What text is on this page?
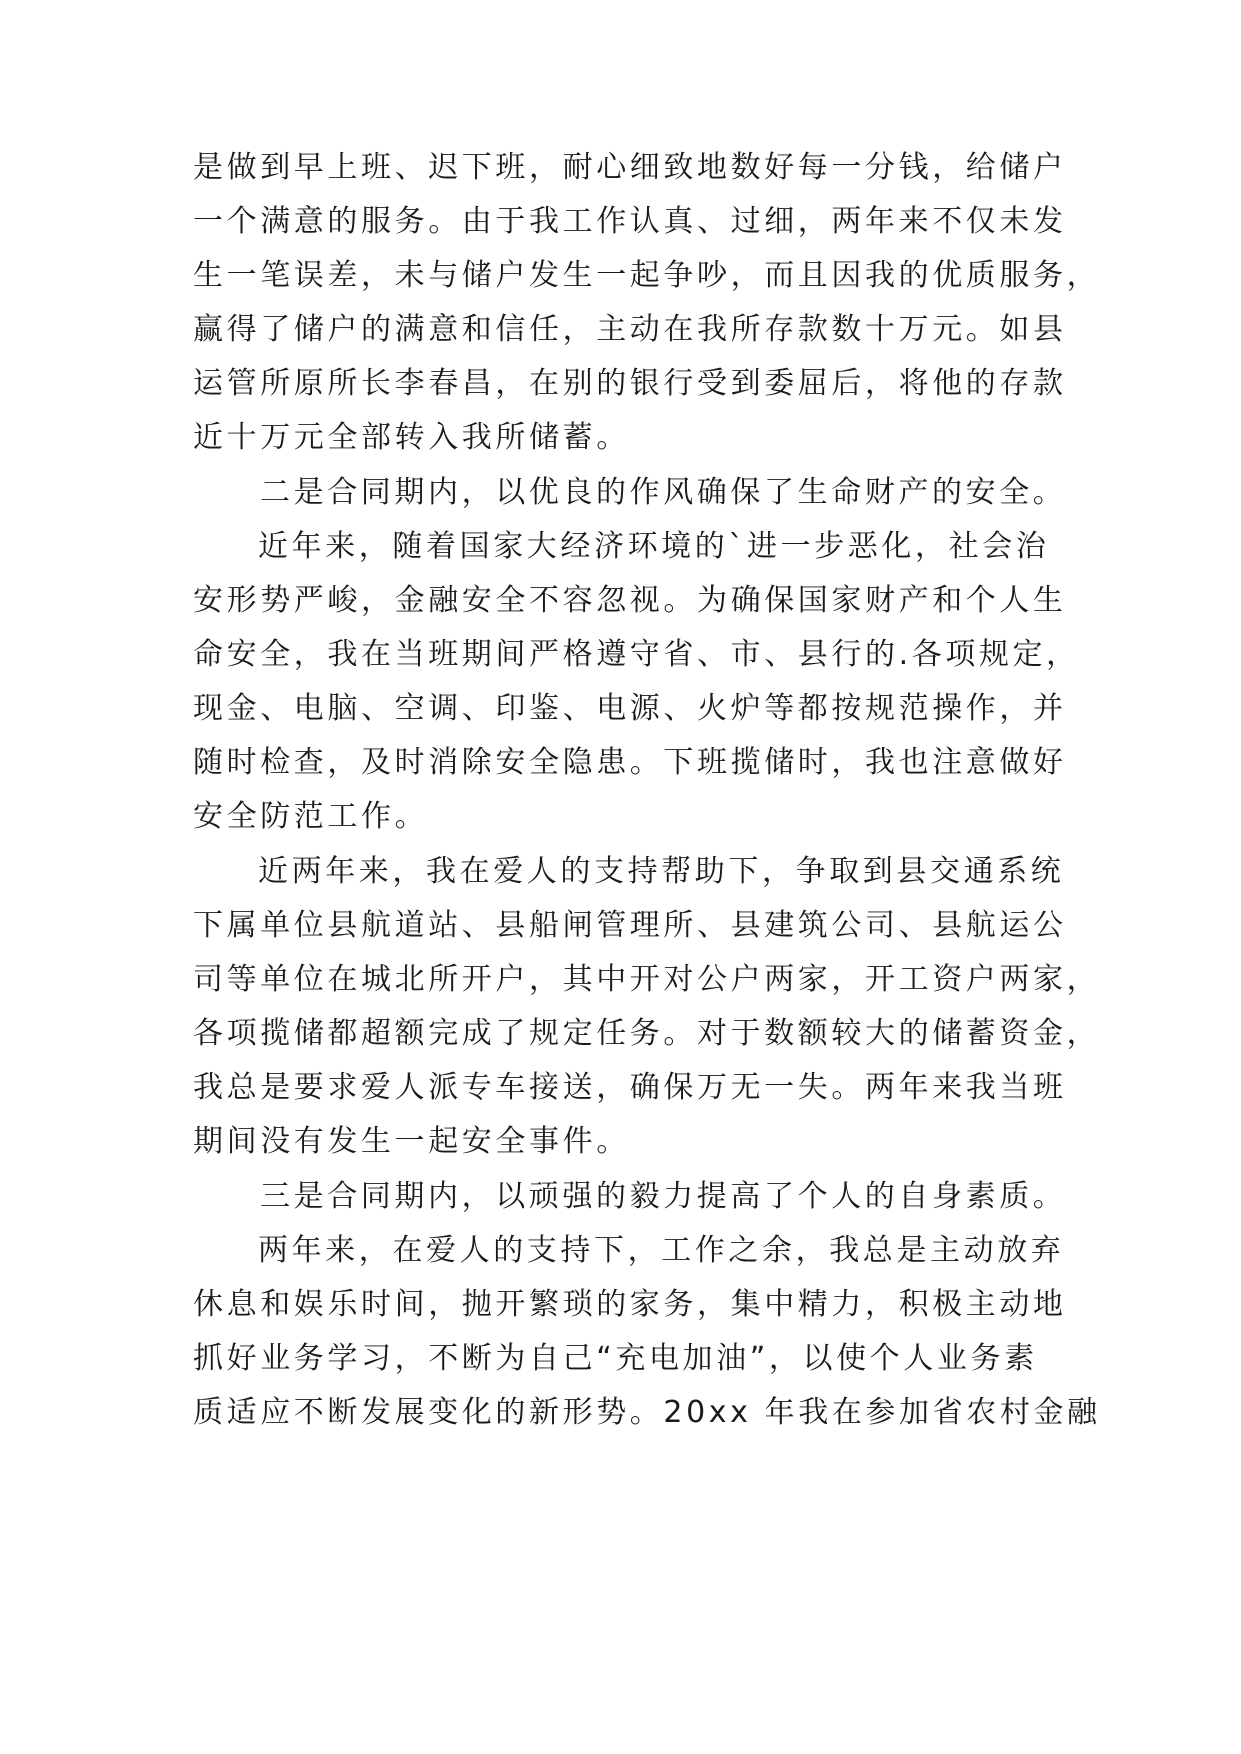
是做到早上班、迟下班，耐心细致地数好每一分钱，给储户
一个满意的服务。由于我工作认真、过细，两年来不仅未发
生一笔误差，未与储户发生一起争吵，而且因我的优质服务，
赢得了储户的满意和信任，主动在我所存款数十万元。如县
运管所原所长李春昌，在别的银行受到委屈后，将他的存款
近十万元全部转入我所储蓄。
二是合同期内，以优良的作风确保了生命财产的安全。
近年来，随着国家大经济环境的`进一步恶化，社会治
安形势严峻，金融安全不容忽视。为确保国家财产和个人生
命安全，我在当班期间严格遵守省、市、县行的.各项规定，
现金、电脑、空调、印鉴、电源、火炉等都按规范操作，并
随时检查，及时消除安全隐患。下班揽储时，我也注意做好
安全防范工作。
近两年来，我在爱人的支持帮助下，争取到县交通系统
下属单位县航道站、县船闸管理所、县建筑公司、县航运公
司等单位在城北所开户，其中开对公户两家，开工资户两家，
各项揽储都超额完成了规定任务。对于数额较大的储蓄资金，
我总是要求爱人派专车接送，确保万无一失。两年来我当班
期间没有发生一起安全事件。
三是合同期内，以顽强的毅力提高了个人的自身素质。
两年来，在爱人的支持下，工作之余，我总是主动放弃
休息和娱乐时间，抛开繁琐的家务，集中精力，积极主动地
抓好业务学习，不断为自己“充电加油”，以使个人业务素
质适应不断发展变化的新形势。20xx 年我在参加省农村金融
